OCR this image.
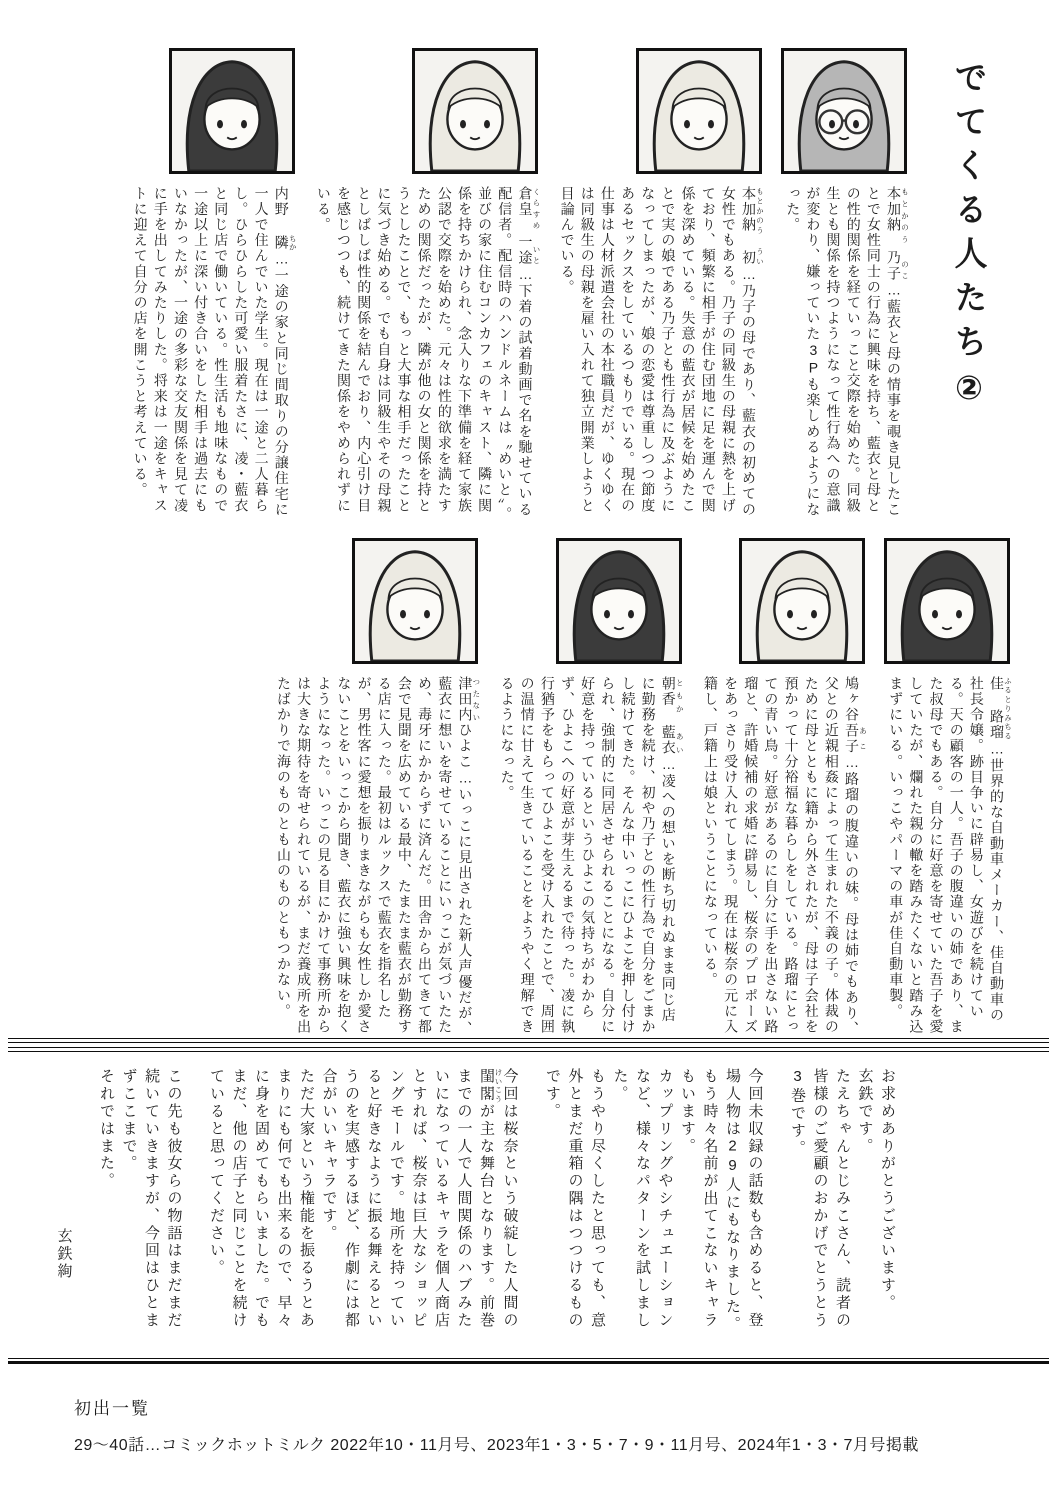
でてくる人たち②
本加納 乃子もとかのう のこ…藍衣と母の情事を覗き見したことで女性同士の行為に興味を持ち、藍衣と母との性的関係を経ていっこと交際を始めた。同級生とも関係を持つようになって性行為への意識が変わり、嫌っていた3Pも楽しめるようになった。
本加納 初もとかのう うい…乃子の母であり、藍衣の初めての女性でもある。乃子の同級生の母親に熱を上げており、頻繁に相手が住む団地に足を運んで関係を深めている。失意の藍衣が居候を始めたことで実の娘である乃子とも性行為に及ぶようになってしまったが、娘の恋愛は尊重しつつ節度あるセックスをしているつもりでいる。現在の仕事は人材派遣会社の本社職員だが、ゆくゆくは同級生の母親を雇い入れて独立開業しようと目論んでいる。
倉皇 一途くらすめ いと…下着の試着動画で名を馳せている配信者。配信時のハンドルネームは〝めいと〟。並びの家に住むコンカフェのキャスト、隣に関係を持ちかけられ、念入りな下準備を経て家族公認で交際を始めた。元々は性的欲求を満たすための関係だったが、隣が他の女と関係を持とうとしたことで、もっと大事な相手だったことに気づき始める。でも自身は同級生やその母親としばしば性的関係を結んでおり、内心引け目を感じつつも、続けてきた関係をやめられずにいる。
内野 隣ちか…一途の家と同じ間取りの分譲住宅に一人で住んでいた学生。現在は一途と二人暮らし。ひらひらした可愛い服着たさに、凌・藍衣と同じ店で働いている。性生活も地味なもので一途以上に深い付き合いをした相手は過去にもいなかったが、一途の多彩な交友関係を見て凌に手を出してみたりした。将来は一途をキャストに迎えて自分の店を開こうと考えている。
佳 路瑠ふるとりみちる…世界的な自動車メーカー、佳自動車の社長令嬢。跡目争いに辟易し、女遊びを続けている。天の顧客の一人。吾子の腹違いの姉であり、また叔母でもある。自分に好意を寄せていた吾子を愛していたが、爛れた親の轍を踏みたくないと踏み込まずにいる。いっこやパーマの車が佳自動車製。
鳩ヶ谷吾子あこ…路瑠の腹違いの妹。母は姉でもあり、父との近親相姦によって生まれた不義の子。体裁のために母とともに籍から外されたが、母は子会社を預かって十分裕福な暮らしをしている。路瑠にとっての青い鳥。好意があるのに自分に手を出さない路瑠と、許婚候補の求婚に辟易し、桜奈のプロポーズをあっさり受け入れてしまう。現在は桜奈の元に入籍し、戸籍上は娘ということになっている。
朝香 藍衣ともか あい…凌への想いを断ち切れぬまま同じ店に勤務を続け、初や乃子との性行為で自分をごまかし続けてきた。そんな中いっこにひよこを押し付けられ、強制的に同居させられることになる。自分に好意を持っているというひよこの気持ちがわからず、ひよこへの好意が芽生えるまで待った。凌に執行猶予をもらってひよこを受け入れたことで、周囲の温情に甘えて生きていることをようやく理解できるようになった。
津田内つたないひよこ…いっこに見出された新人声優だが、藍衣に想いを寄せていることにいっこが気づいたため、毒牙にかからずに済んだ。田舎から出てきて都会で見聞を広めている最中、たまたま藍衣が勤務する店に入った。最初はルックスで藍衣を指名したが、男性客に愛想を振りまきながらも女性しか愛さないことをいっこから聞き、藍衣に強い興味を抱くようになった。いっこの見る目にかけて事務所からは大きな期待を寄せられているが、まだ養成所を出たばかりで海のものとも山のものともつかない。

お求めありがとうございます。

玄鉄です。

たえちゃんとじみこさん、読者の皆様のご愛顧のおかげでとうとう3巻です。

今回未収録の話数も含めると、登場人物は29人にもなりました。もう時々名前が出てこないキャラもいます。

カップリングやシチュエーションなど、様々なパターンを試しました。

もうやり尽くしたと思っても、意外とまだ重箱の隅はつつけるものです。

今回は桜奈という破綻した人間の閨閣 けいこうが主な舞台となります。前巻までの一人で人間関係のハブみたいになっているキャラを個人商店とすれば、桜奈は巨大なショッピングモールです。地所を持っていると好きなように振る舞えるというのを実感するほど、作劇には都合がいいキャラです。

ただ大家という権能を振るうとあまりにも何でも出来るので、早々に身を固めてもらいました。でもまだ、他の店子と同じことを続けていると思ってください。

この先も彼女らの物語はまだまだ続いていきますが、今回はひとまずここまで。

それではまた。

玄鉄絢

初出一覧
29〜40話…コミックホットミルク 2022年10・11月号、2023年1・3・5・7・9・11月号、2024年1・3・7月号掲載
